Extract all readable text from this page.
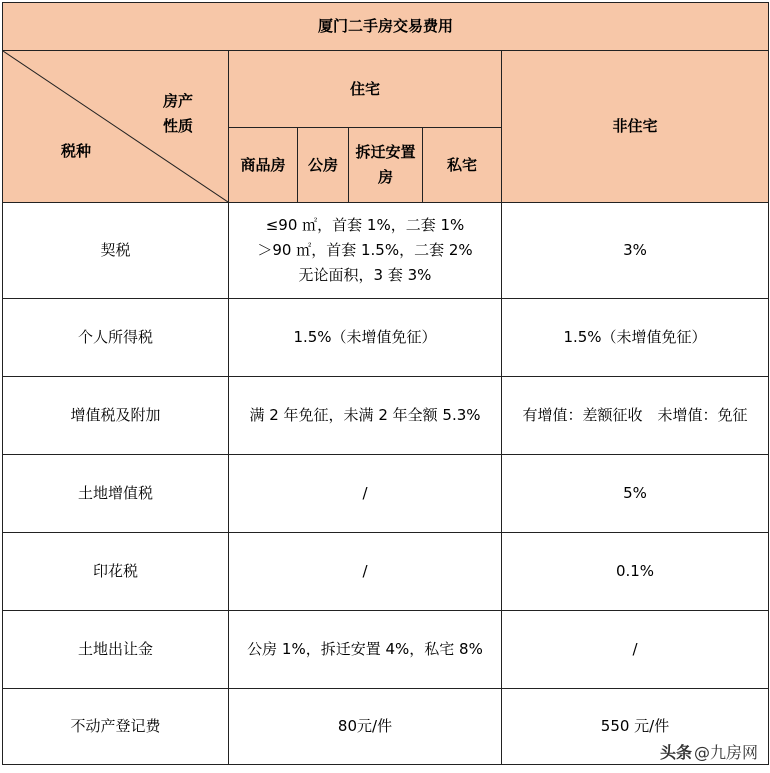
厦门二手房交易费用					

房产
性质
税种	住宅				非住宅
	商品房	公房	拆迁安置房	私宅	
契税	≤90 ㎡，首套 1%，二套 1%
＞90 ㎡，首套 1.5%，二套 2%
无论面积，3 套 3%				3%
个人所得税	1.5%（未增值免征）				1.5%（未增值免征）
增值税及附加	满 2 年免征，未满 2 年全额 5.3%				有增值：差额征收　未增值：免征
土地增值税	/				5%
印花税	/				0.1%
土地出让金	公房 1%，拆迁安置 4%，私宅 8%				/
不动产登记费	80元/件				550 元/件
头条 @九房网
